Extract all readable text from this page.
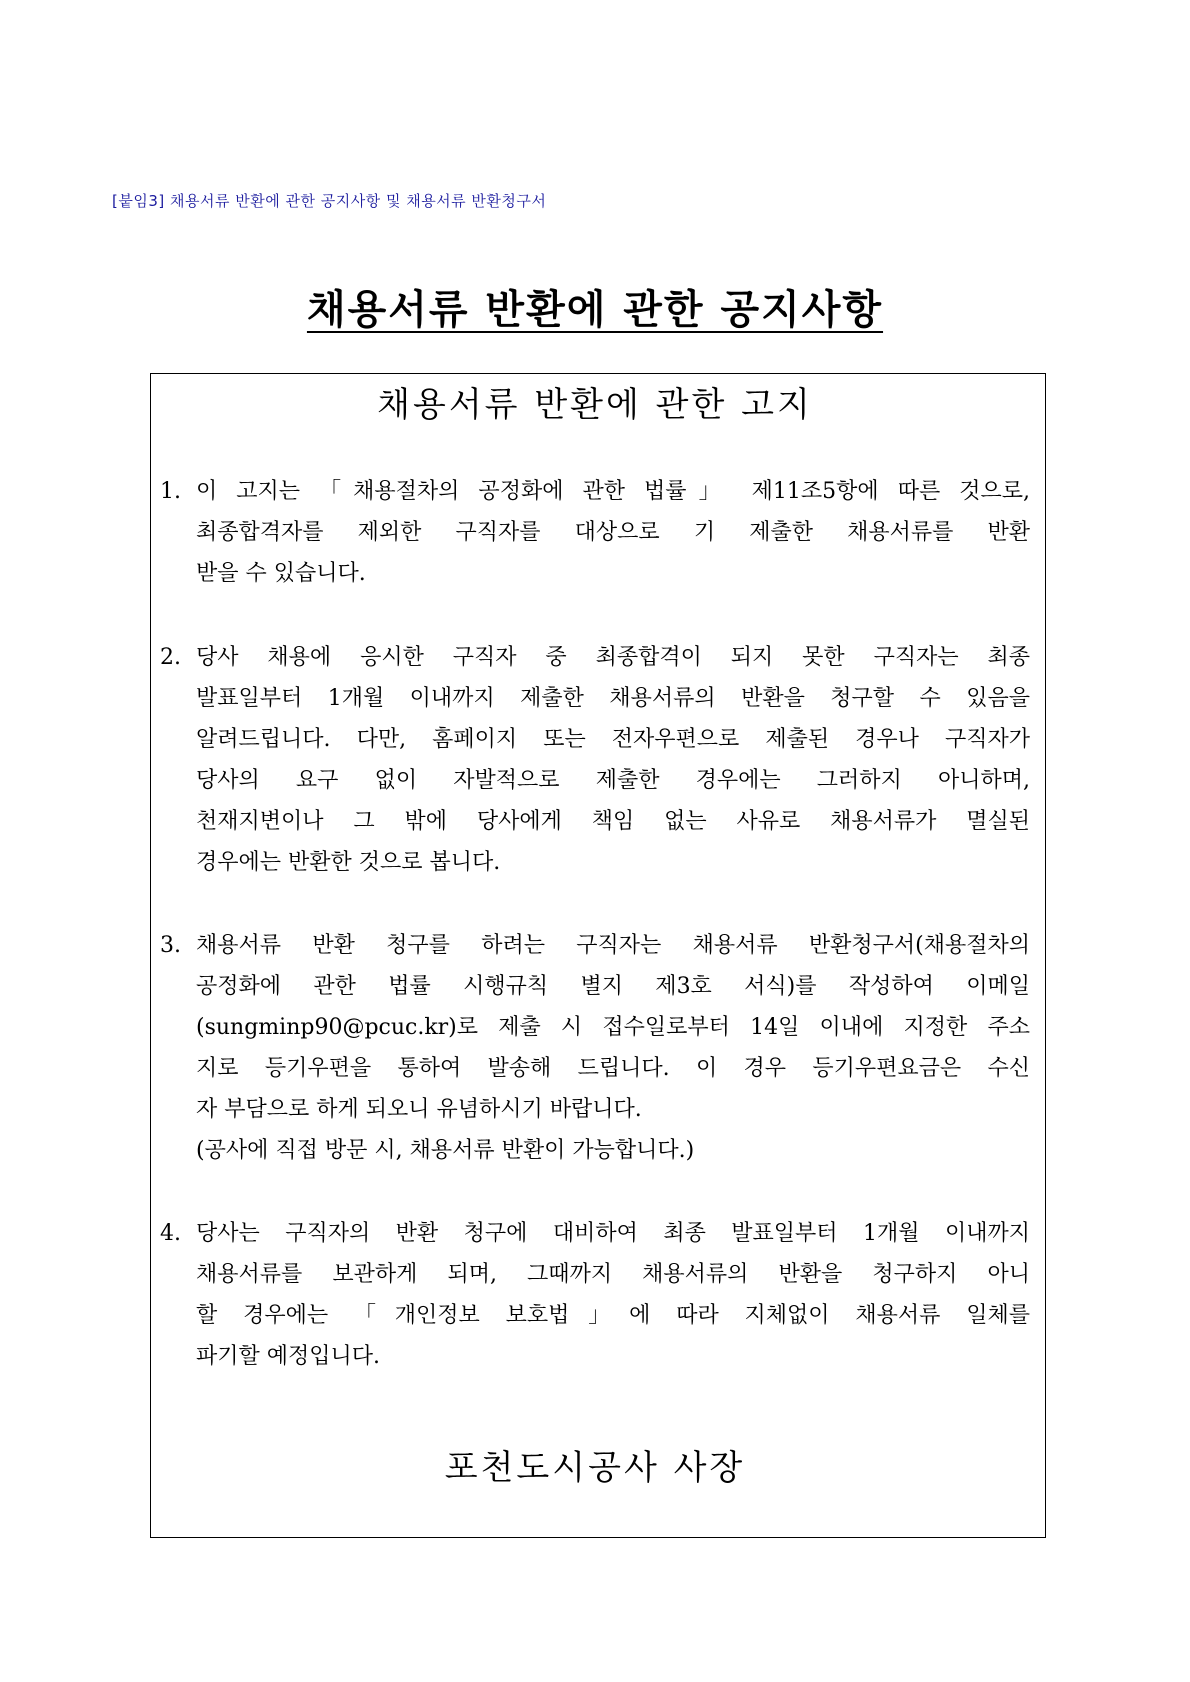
[붙임3] 채용서류 반환에 관한 공지사항 및 채용서류 반환청구서
채용서류 반환에 관한 공지사항
채용서류 반환에 관한 고지
1. 이 고지는 「채용절차의 공정화에 관한 법률」 제11조5항에 따른 것으로,
최종합격자를 제외한 구직자를 대상으로 기 제출한 채용서류를 반환
받을 수 있습니다.
2. 당사 채용에 응시한 구직자 중 최종합격이 되지 못한 구직자는 최종
발표일부터 1개월 이내까지 제출한 채용서류의 반환을 청구할 수 있음을
알려드립니다. 다만, 홈페이지 또는 전자우편으로 제출된 경우나 구직자가
당사의 요구 없이 자발적으로 제출한 경우에는 그러하지 아니하며,
천재지변이나 그 밖에 당사에게 책임 없는 사유로 채용서류가 멸실된
경우에는 반환한 것으로 봅니다.
3. 채용서류 반환 청구를 하려는 구직자는 채용서류 반환청구서(채용절차의
공정화에 관한 법률 시행규칙 별지 제3호 서식)를 작성하여 이메일
(sungminp90@pcuc.kr)로 제출 시 접수일로부터 14일 이내에 지정한 주소
지로 등기우편을 통하여 발송해 드립니다. 이 경우 등기우편요금은 수신
자 부담으로 하게 되오니 유념하시기 바랍니다.
(공사에 직접 방문 시, 채용서류 반환이 가능합니다.)
4. 당사는 구직자의 반환 청구에 대비하여 최종 발표일부터 1개월 이내까지
채용서류를 보관하게 되며, 그때까지 채용서류의 반환을 청구하지 아니
할 경우에는 「개인정보 보호법」에 따라 지체없이 채용서류 일체를
파기할 예정입니다.
포천도시공사 사장
